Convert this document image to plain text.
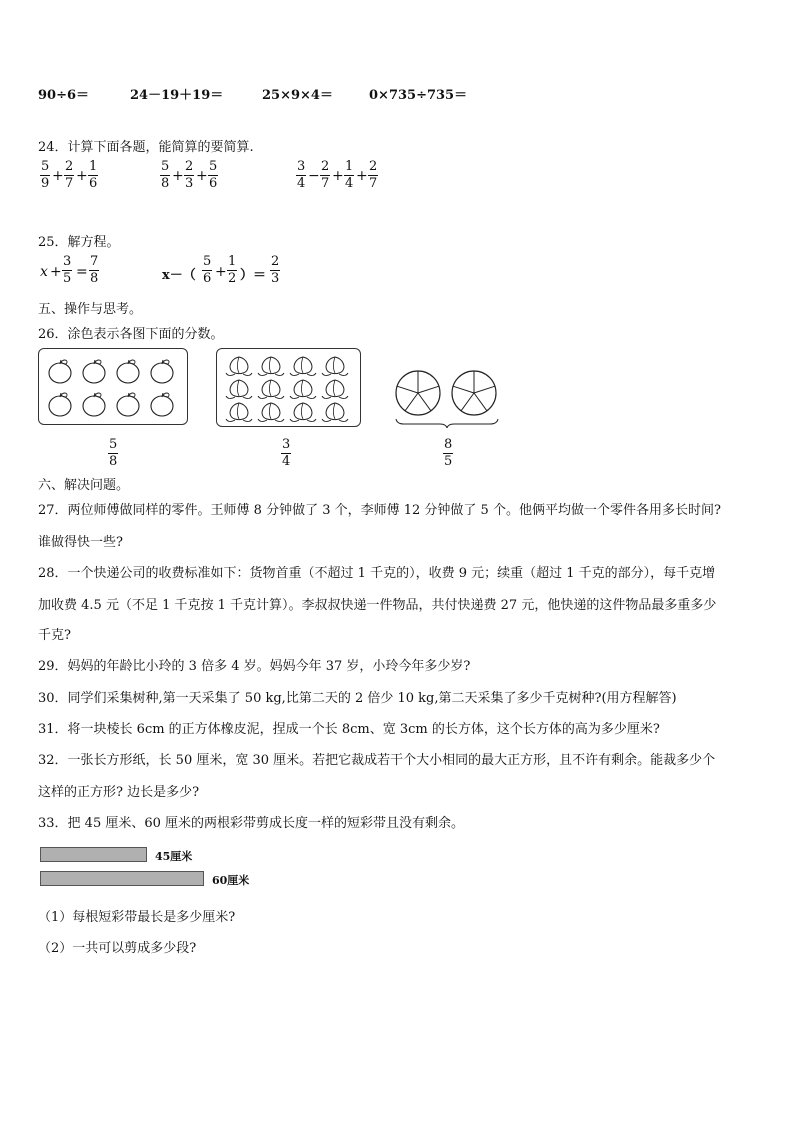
90÷6＝	24－19＋19＝	25×9×4＝	0×735÷735＝
24．计算下面各题，能简算的要简算.
5
9 +
2
7 +
1
6
5
8 +
2
3 +
5
6
3
4 −
2
7 +
1
4 +
2
7
25．解方程。
x +
3
5 =
7
8	x－（
5
6 +
1
2 ）＝
2
3
五、操作与思考。
26．涂色表示各图下面的分数。
5
8
3
4
8
5
六、解决问题。
27．两位师傅做同样的零件。王师傅 8 分钟做了 3 个，李师傅 12 分钟做了 5 个。他俩平均做一个零件各用多长时间?
谁做得快一些?
28．一个快递公司的收费标准如下：货物首重（不超过 1 千克的），收费 9 元；续重（超过 1 千克的部分），每千克增
加收费 4.5 元（不足 1 千克按 1 千克计算）。李叔叔快递一件物品，共付快递费 27 元，他快递的这件物品最多重多少
千克?
29．妈妈的年龄比小玲的 3 倍多 4 岁。妈妈今年 37 岁，小玲今年多少岁?
30．同学们采集树种,第一天采集了 50 kg,比第二天的 2 倍少 10 kg,第二天采集了多少千克树种?(用方程解答)
31．将一块棱长 6cm 的正方体橡皮泥，捏成一个长 8cm、宽 3cm 的长方体，这个长方体的高为多少厘米?
32．一张长方形纸，长 50 厘米，宽 30 厘米。若把它裁成若干个大小相同的最大正方形，且不许有剩余。能裁多少个
这样的正方形? 边长是多少?
33．把 45 厘米、60 厘米的两根彩带剪成长度一样的短彩带且没有剩余。
45厘米
60厘米
（1）每根短彩带最长是多少厘米?
（2）一共可以剪成多少段?
